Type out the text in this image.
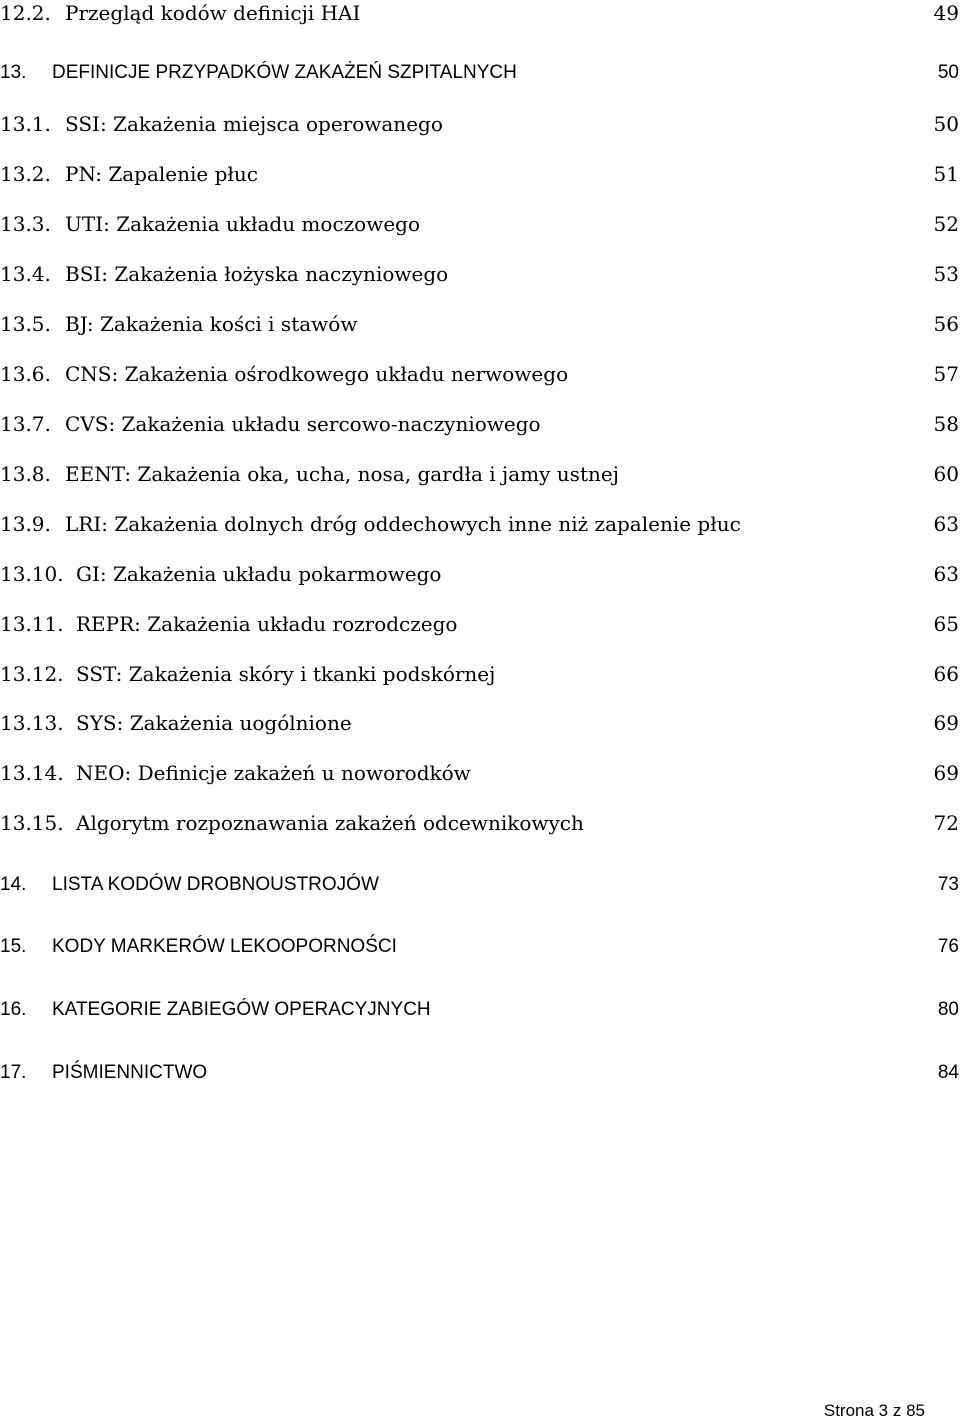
12.2. Przegląd kodów definicji HAI	49
13. DEFINICJE PRZYPADKÓW ZAKAŻEŃ SZPITALNYCH	50
13.1. SSI: Zakażenia miejsca operowanego	50
13.2. PN: Zapalenie płuc	51
13.3. UTI: Zakażenia układu moczowego	52
13.4. BSI: Zakażenia łożyska naczyniowego	53
13.5. BJ: Zakażenia kości i stawów	56
13.6. CNS: Zakażenia ośrodkowego układu nerwowego	57
13.7. CVS: Zakażenia układu sercowo-naczyniowego	58
13.8. EENT: Zakażenia oka, ucha, nosa, gardła i jamy ustnej	60
13.9. LRI: Zakażenia dolnych dróg oddechowych inne niż zapalenie płuc	63
13.10. GI: Zakażenia układu pokarmowego	63
13.11. REPR: Zakażenia układu rozrodczego	65
13.12. SST: Zakażenia skóry i tkanki podskórnej	66
13.13. SYS: Zakażenia uogólnione	69
13.14. NEO: Definicje zakażeń u noworodków	69
13.15. Algorytm rozpoznawania zakażeń odcewnikowych	72
14. LISTA KODÓW DROBNOUSTROJÓW	73
15. KODY MARKERÓW LEKOOPORNOŚCI	76
16. KATEGORIE ZABIEGÓW OPERACYJNYCH	80
17. PIŚMIENNICTWO	84
Strona 3 z 85
